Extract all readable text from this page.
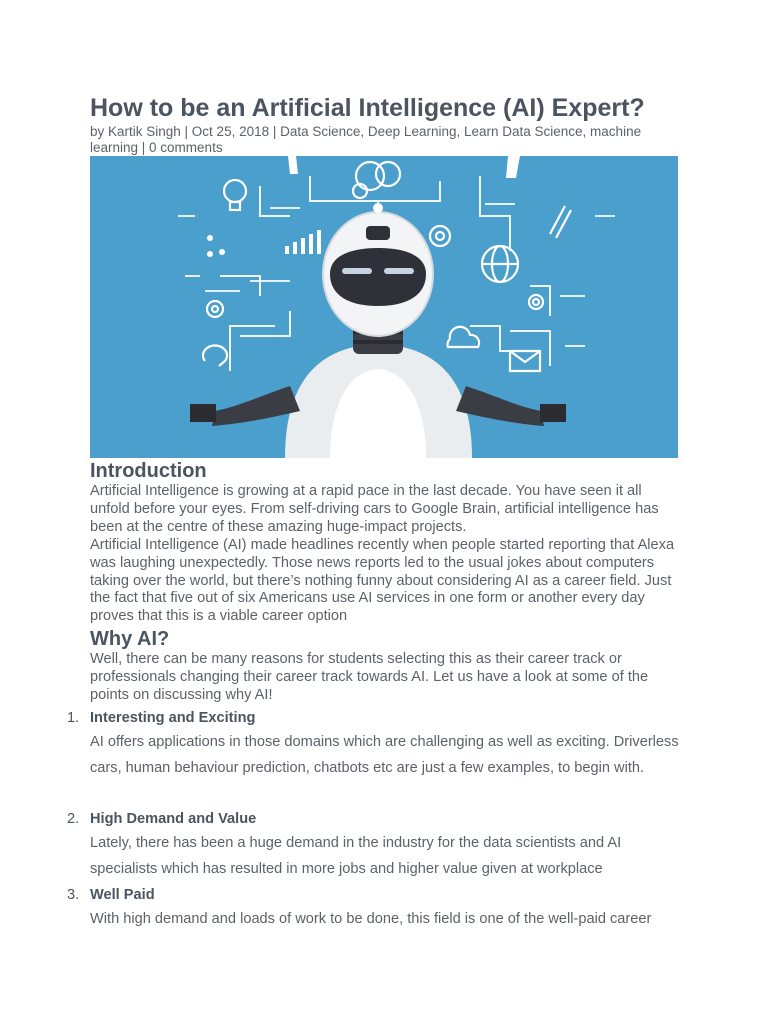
How to be an Artificial Intelligence (AI) Expert?
by Kartik Singh | Oct 25, 2018 | Data Science, Deep Learning, Learn Data Science, machine learning | 0 comments
Introduction

Artificial Intelligence is growing at a rapid pace in the last decade. You have seen it all unfold before your eyes. From self-driving cars to Google Brain, artificial intelligence has been at the centre of these amazing huge-impact projects.

Artificial Intelligence (AI) made headlines recently when people started reporting that Alexa was laughing unexpectedly. Those news reports led to the usual jokes about computers taking over the world, but there’s nothing funny about considering AI as a career field. Just the fact that five out of six Americans use AI services in one form or another every day proves that this is a viable career option

Why AI?

Well, there can be many reasons for students selecting this as their career track or professionals changing their career track towards AI. Let us have a look at some of the points on discussing why AI!

1. Interesting and Exciting

AI offers applications in those domains which are challenging as well as exciting. Driverless cars, human behaviour prediction, chatbots etc are just a few examples, to begin with.

2. High Demand and Value

Lately, there has been a huge demand in the industry for the data scientists and AI specialists which has resulted in more jobs and higher value given at workplace

3. Well Paid

With high demand and loads of work to be done, this field is one of the well-paid career
